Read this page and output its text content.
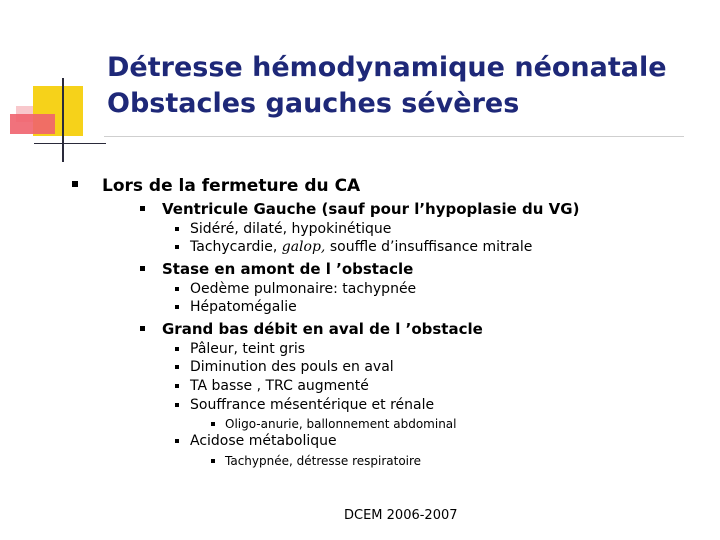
Détresse hémodynamique néonatale
Obstacles gauches sévères
Lors de la fermeture du CA
Ventricule Gauche (sauf pour l’hypoplasie du VG)
Sidéré, dilaté, hypokinétique
Tachycardie, galop, souffle d’insuffisance mitrale
Stase en amont de l ’obstacle
Oedème pulmonaire: tachypnée
Hépatomégalie
Grand bas débit en aval de l ’obstacle
Pâleur, teint gris
Diminution des pouls en aval
TA basse , TRC augmenté
Souffrance mésentérique et rénale
Oligo-anurie, ballonnement abdominal
Acidose métabolique
Tachypnée, détresse respiratoire
DCEM 2006-2007
